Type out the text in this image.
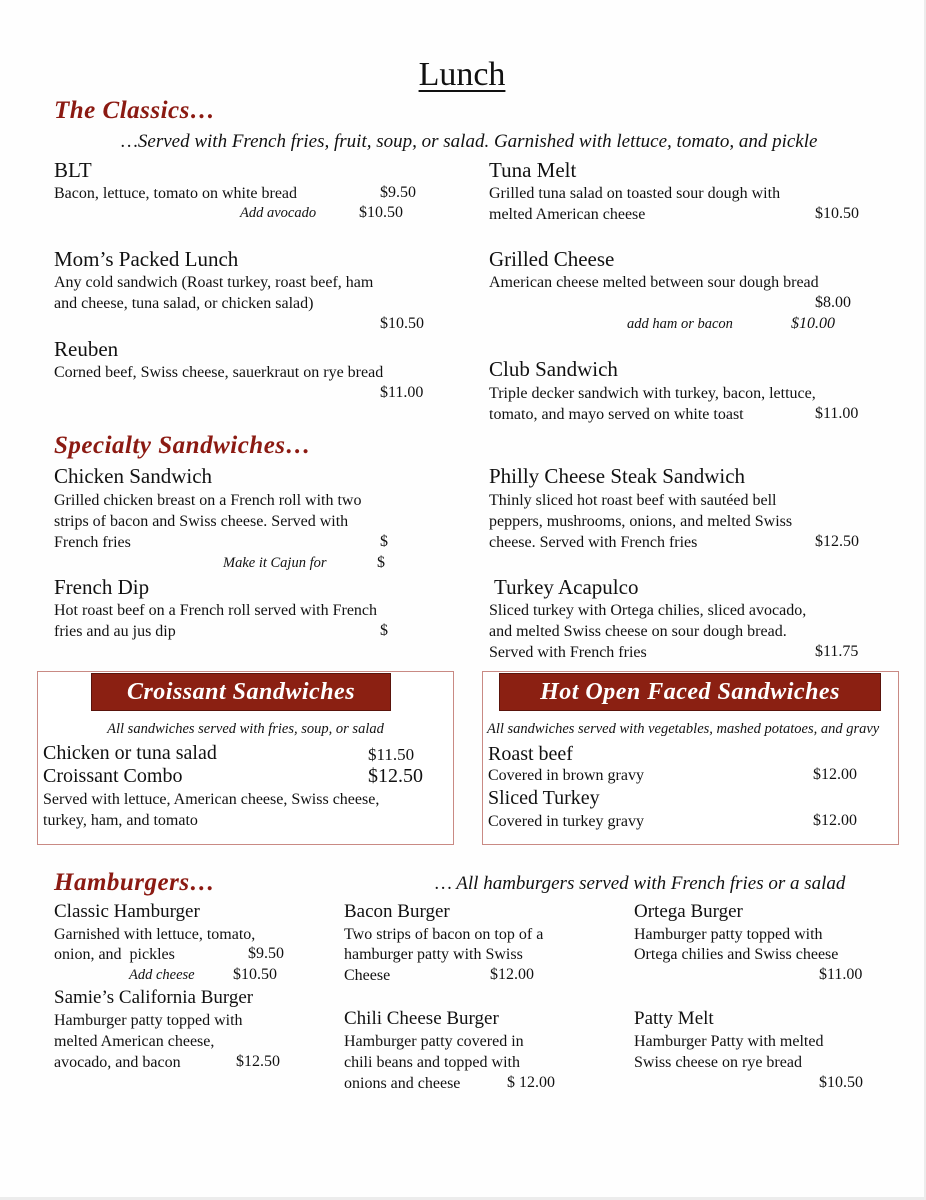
Lunch
The Classics…
…Served with French fries, fruit, soup, or salad. Garnished with lettuce, tomato, and pickle
BLT
Bacon, lettuce, tomato on white bread	$9.50
Add avocado	$10.50
Mom’s Packed Lunch
Any cold sandwich (Roast turkey, roast beef, ham
and cheese, tuna salad, or chicken salad)
$10.50
Reuben
Corned beef, Swiss cheese, sauerkraut on rye bread
$11.00
Tuna Melt
Grilled tuna salad on toasted sour dough with
melted American cheese	$10.50
Grilled Cheese
American cheese melted between sour dough bread
$8.00
add ham or bacon	$10.00
Club Sandwich
Triple decker sandwich with turkey, bacon, lettuce,
tomato, and mayo served on white toast	$11.00
Specialty Sandwiches…
Chicken Sandwich
Grilled chicken breast on a French roll with two
strips of bacon and Swiss cheese. Served with
French fries	$
Make it Cajun for	$
French Dip
Hot roast beef on a French roll served with French
fries and au jus dip	$
Philly Cheese Steak Sandwich
Thinly sliced hot roast beef with sautéed bell
peppers, mushrooms, onions, and melted Swiss
cheese. Served with French fries	$12.50
Turkey Acapulco
Sliced turkey with Ortega chilies, sliced avocado,
and melted Swiss cheese on sour dough bread.
Served with French fries	$11.75
Croissant Sandwiches
All sandwiches served with fries, soup, or salad
Chicken or tuna salad	$11.50
Croissant Combo	$12.50
Served with lettuce, American cheese, Swiss cheese,
turkey, ham, and tomato
Hot Open Faced Sandwiches
All sandwiches served with vegetables, mashed potatoes, and gravy
Roast beef
Covered in brown gravy	$12.00
Sliced Turkey
Covered in turkey gravy	$12.00
Hamburgers…	… All hamburgers served with French fries or a salad
Classic Hamburger
Garnished with lettuce, tomato,
onion, and  pickles	$9.50
Add cheese $10.50
Samie’s California Burger
Hamburger patty topped with
melted American cheese,
avocado, and bacon	$12.50
Bacon Burger
Two strips of bacon on top of a
hamburger patty with Swiss
Cheese	$12.00
Chili Cheese Burger
Hamburger patty covered in
chili beans and topped with
onions and cheese	$ 12.00
Ortega Burger
Hamburger patty topped with
Ortega chilies and Swiss cheese
$11.00
Patty Melt
Hamburger Patty with melted
Swiss cheese on rye bread
$10.50
